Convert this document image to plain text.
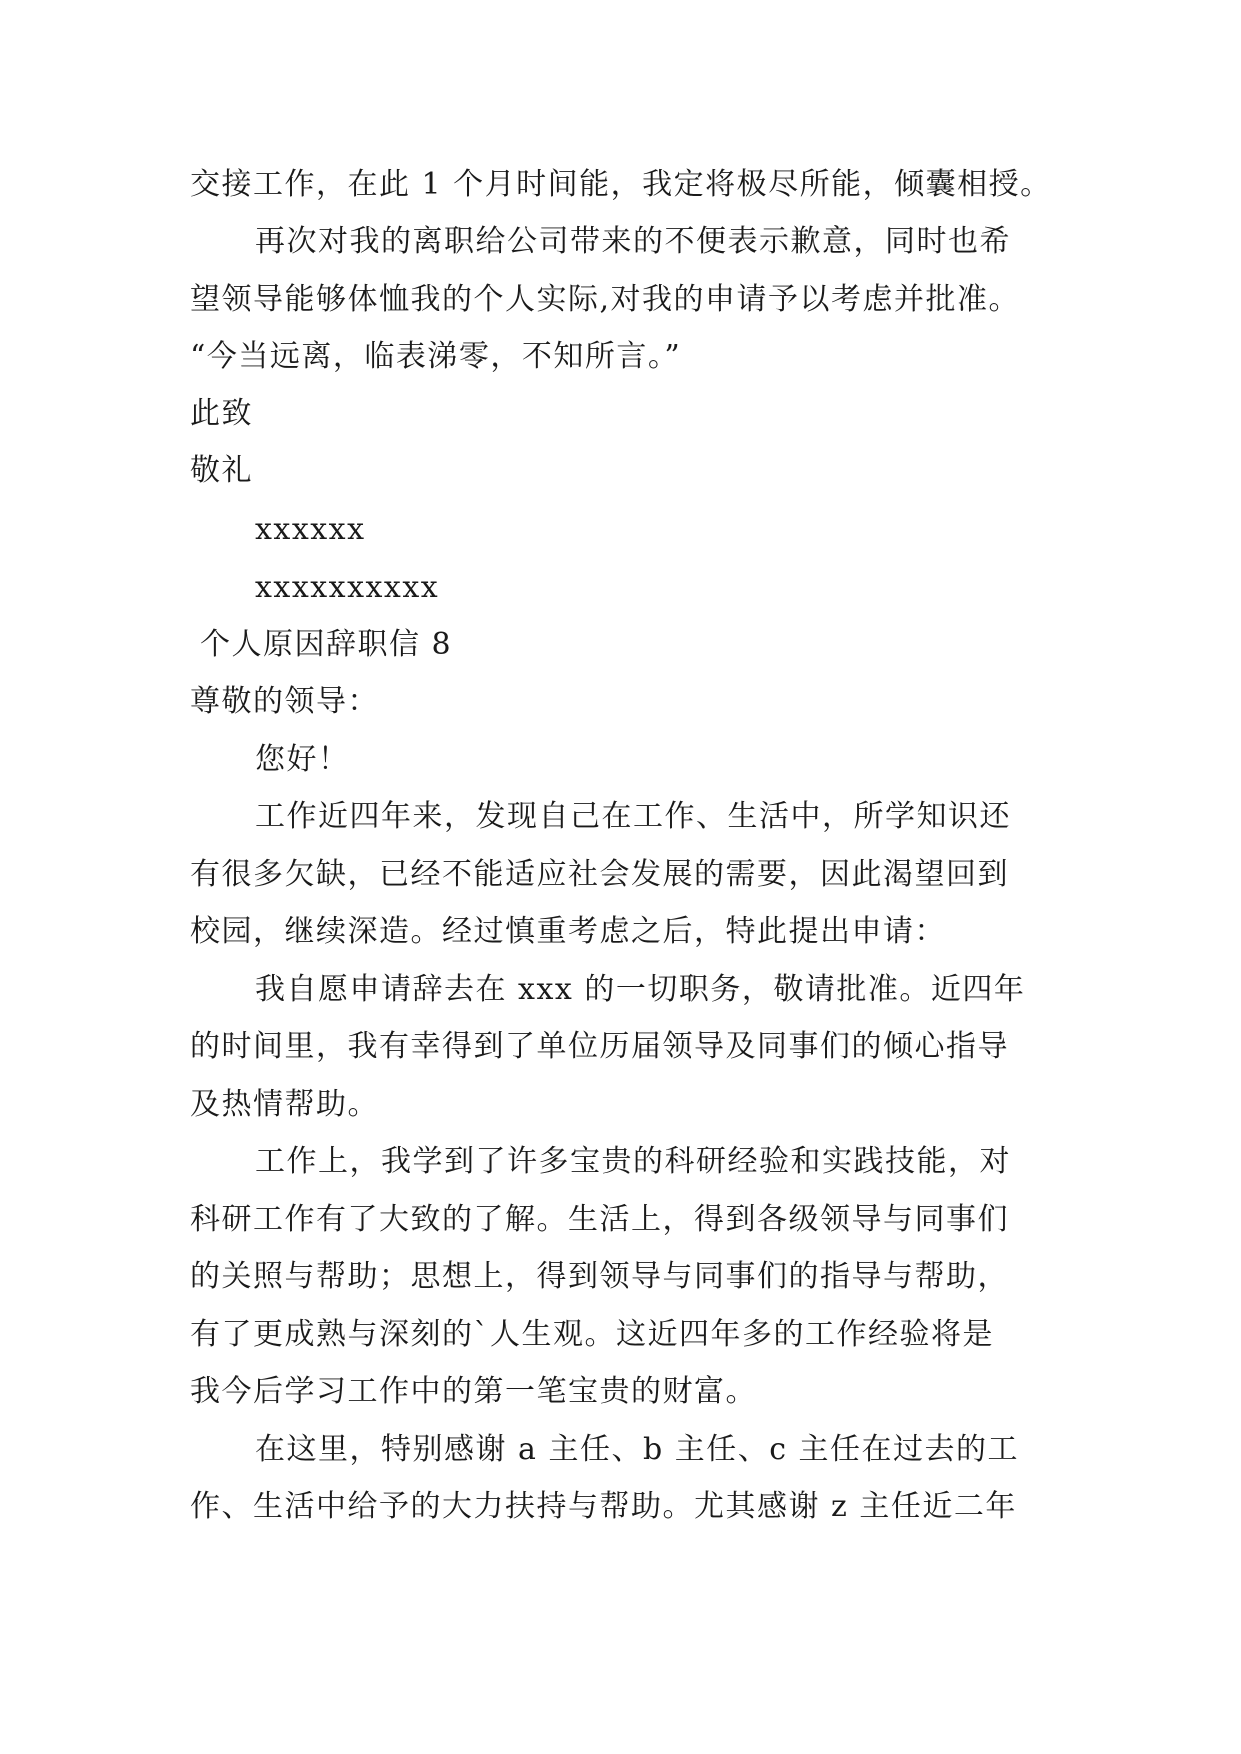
交接工作，在此 1 个月时间能，我定将极尽所能，倾囊相授。
再次对我的离职给公司带来的不便表示歉意，同时也希
望领导能够体恤我的个人实际,对我的申请予以考虑并批准。
“今当远离，临表涕零，不知所言。”
此致
敬礼
xxxxxx
xxxxxxxxxx
个人原因辞职信 8
尊敬的领导：
您好！
工作近四年来，发现自己在工作、生活中，所学知识还
有很多欠缺，已经不能适应社会发展的需要，因此渴望回到
校园，继续深造。经过慎重考虑之后，特此提出申请：
我自愿申请辞去在 xxx 的一切职务，敬请批准。近四年
的时间里，我有幸得到了单位历届领导及同事们的倾心指导
及热情帮助。
工作上，我学到了许多宝贵的科研经验和实践技能，对
科研工作有了大致的了解。生活上，得到各级领导与同事们
的关照与帮助；思想上，得到领导与同事们的指导与帮助，
有了更成熟与深刻的`人生观。这近四年多的工作经验将是
我今后学习工作中的第一笔宝贵的财富。
在这里，特别感谢 a 主任、b 主任、c 主任在过去的工
作、生活中给予的大力扶持与帮助。尤其感谢 z 主任近二年
